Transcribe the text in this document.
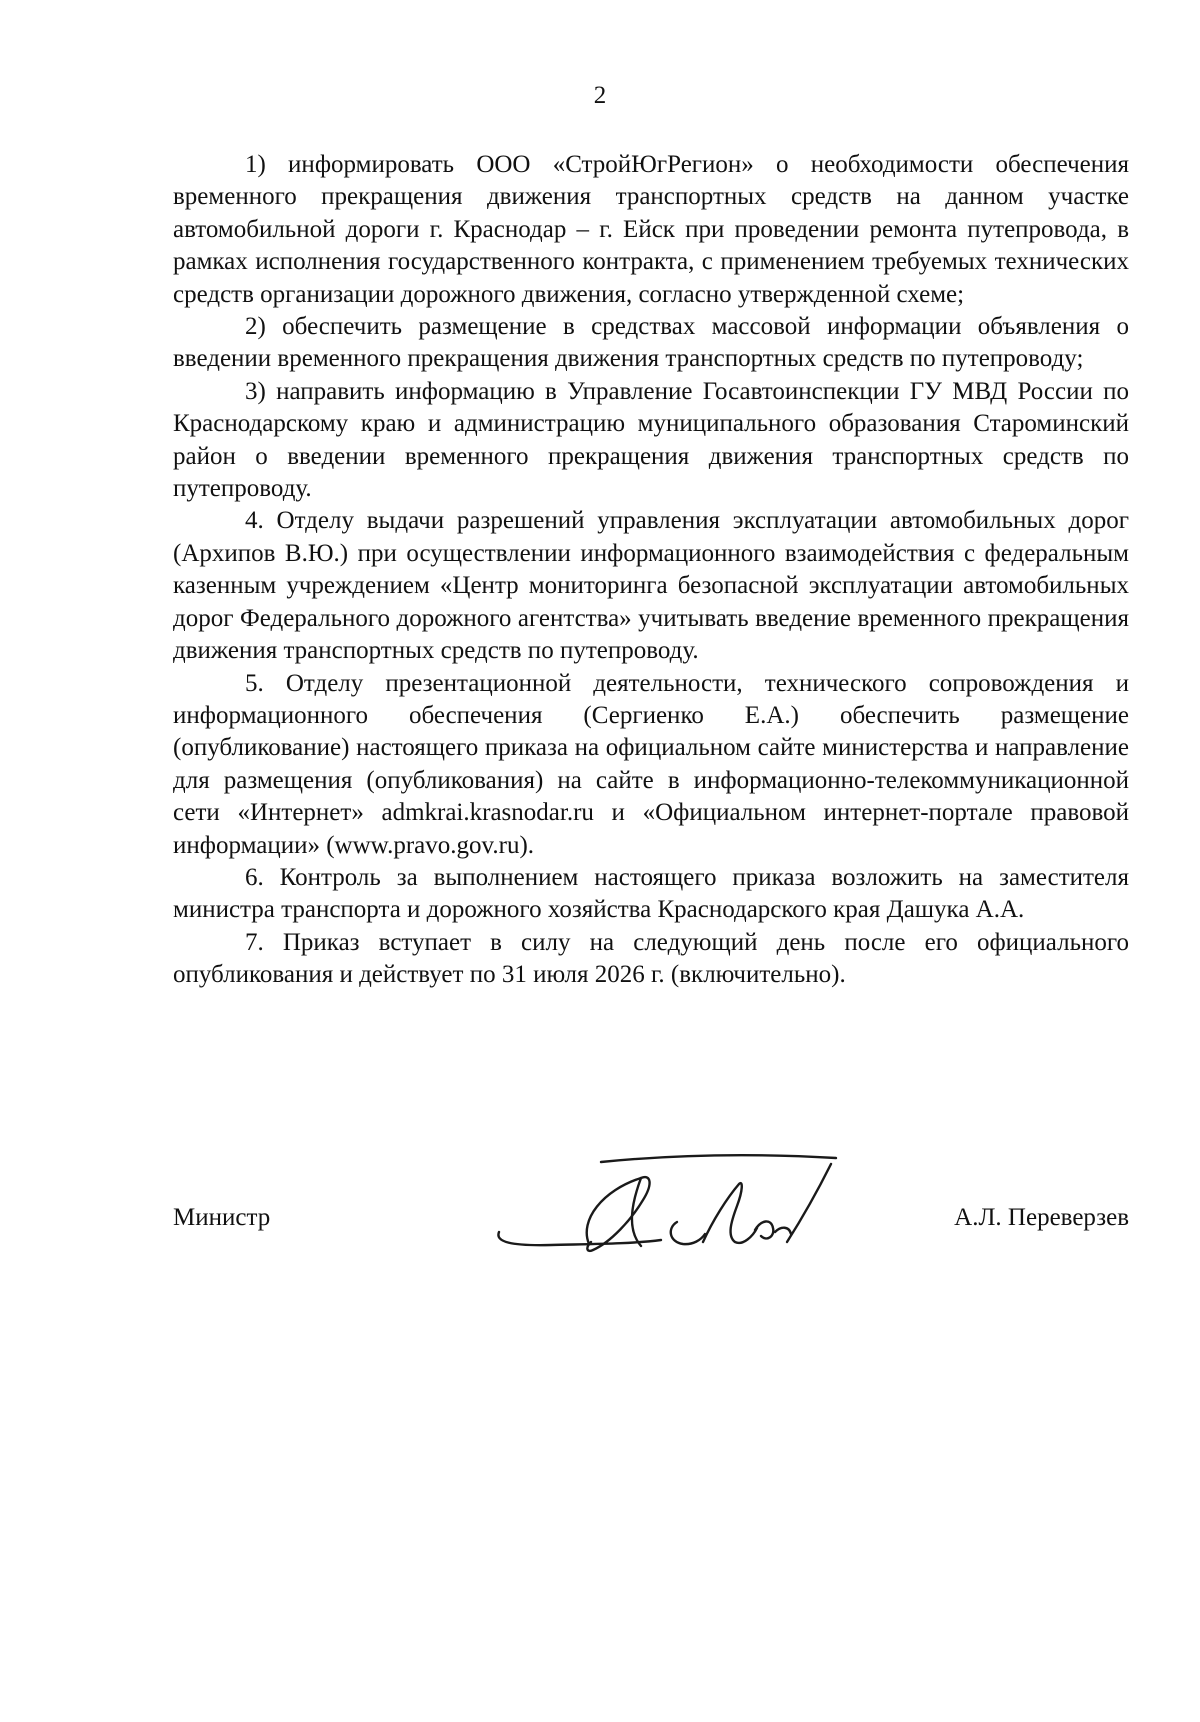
2

1) информировать ООО «СтройЮгРегион» о необходимости обеспечения временного прекращения движения транспортных средств на данном участке автомобильной дороги г. Краснодар – г. Ейск при проведении ремонта путепровода, в рамках исполнения государственного контракта, с применением требуемых технических средств организации дорожного движения, согласно утвержденной схеме;

2) обеспечить размещение в средствах массовой информации объявления о введении временного прекращения движения транспортных средств по путепроводу;

3) направить информацию в Управление Госавтоинспекции ГУ МВД России по Краснодарскому краю и администрацию муниципального образования Староминский район о введении временного прекращения движения транспортных средств по путепроводу.

4. Отделу выдачи разрешений управления эксплуатации автомобильных дорог (Архипов В.Ю.) при осуществлении информационного взаимодействия с федеральным казенным учреждением «Центр мониторинга безопасной эксплуатации автомобильных дорог Федерального дорожного агентства» учитывать введение временного прекращения движения транспортных средств по путепроводу.

5. Отделу презентационной деятельности, технического сопровождения и информационного обеспечения (Сергиенко Е.А.) обеспечить размещение (опубликование) настоящего приказа на официальном сайте министерства и направление для размещения (опубликования) на сайте в информационно-телекоммуникационной сети «Интернет» admkrai.krasnodar.ru и «Официальном интернет-портале правовой информации» (www.pravo.gov.ru).

6. Контроль за выполнением настоящего приказа возложить на заместителя министра транспорта и дорожного хозяйства Краснодарского края Дашука А.А.

7. Приказ вступает в силу на следующий день после его официального опубликования и действует по 31 июля 2026 г. (включительно).

Министр	А.Л. Переверзев
